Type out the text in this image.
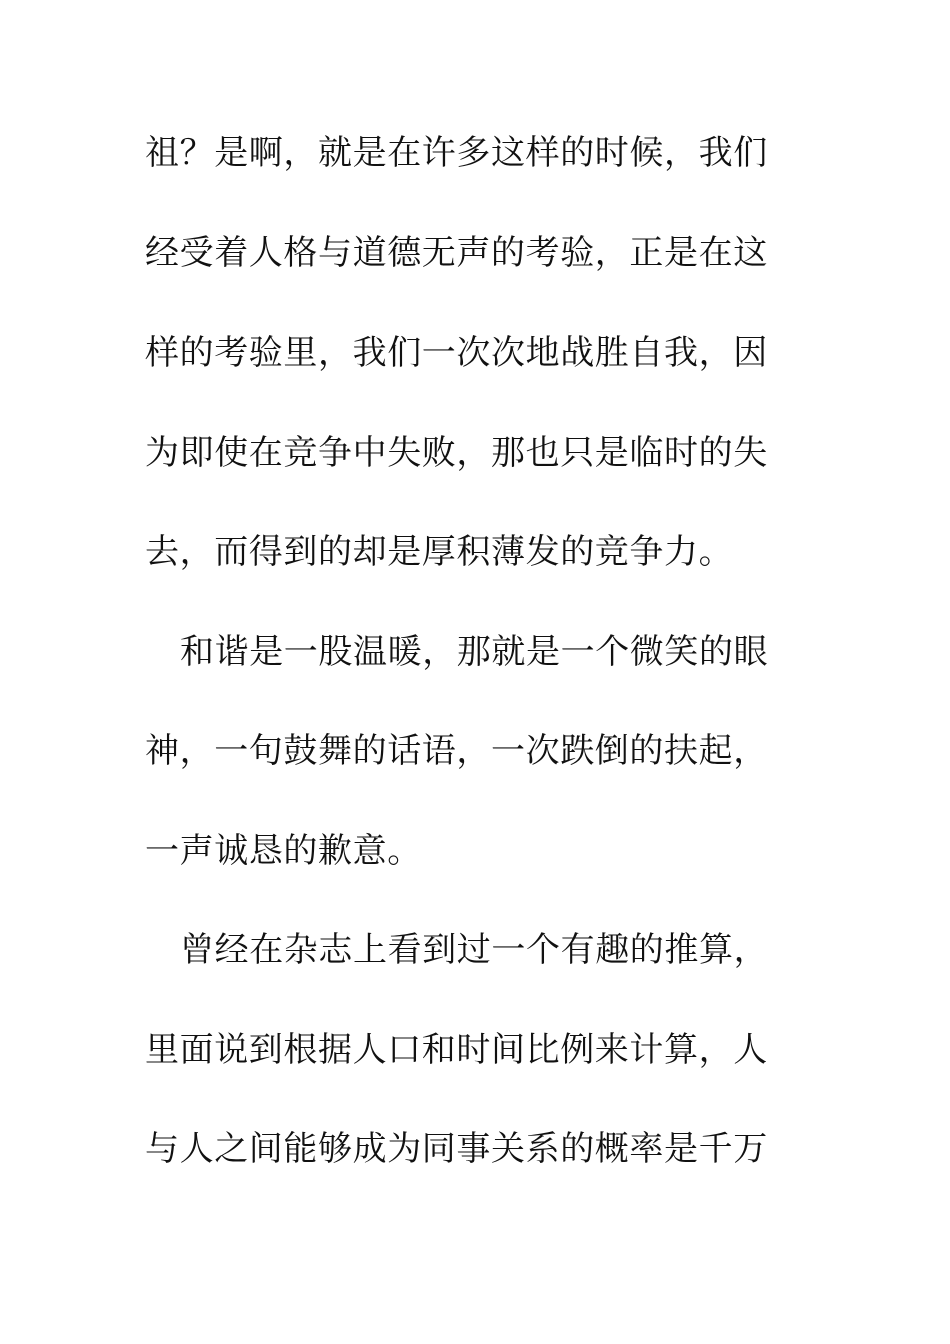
祖？是啊，就是在许多这样的时候，我们
经受着人格与道德无声的考验，正是在这
样的考验里，我们一次次地战胜自我，因
为即使在竞争中失败，那也只是临时的失
去，而得到的却是厚积薄发的竞争力。
和谐是一股温暖，那就是一个微笑的眼
神，一句鼓舞的话语，一次跌倒的扶起，
一声诚恳的歉意。
曾经在杂志上看到过一个有趣的推算，
里面说到根据人口和时间比例来计算，人
与人之间能够成为同事关系的概率是千万
